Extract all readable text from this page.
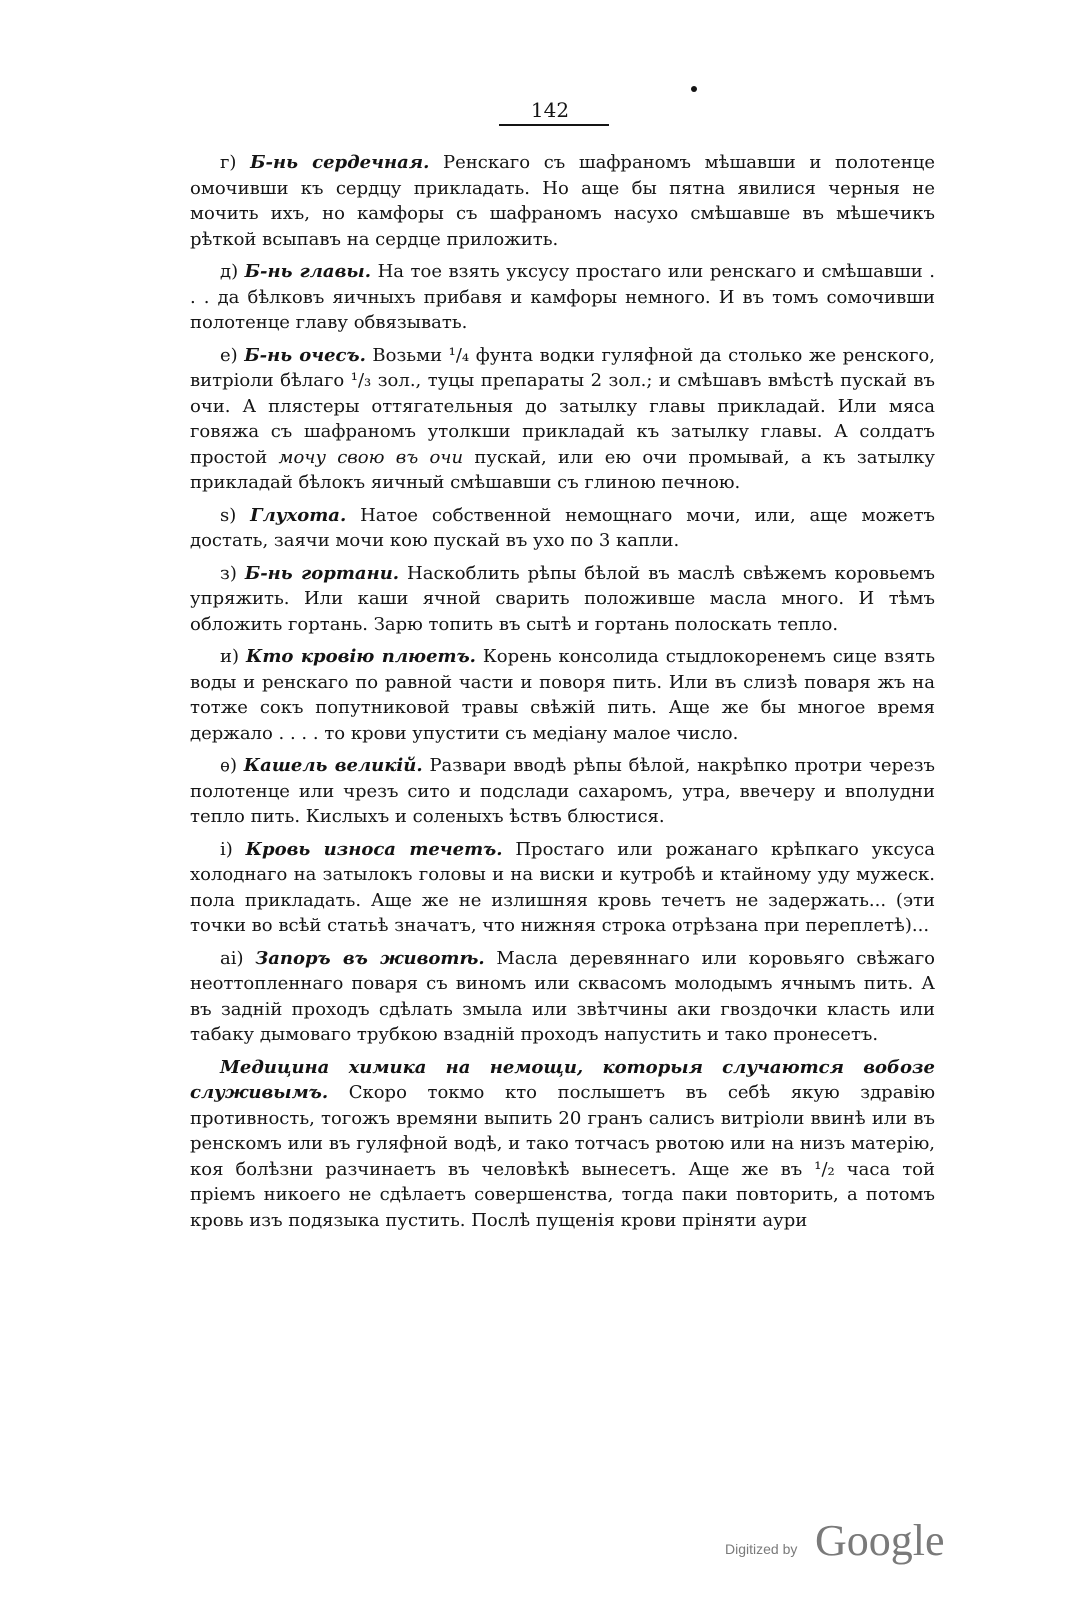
142

г) Б-нь сердечная. Ренскаго съ шафраномъ мѣшавши и полотенце омочивши къ сердцу прикладать. Но аще бы пятна явилися черныя не мочить ихъ, но камфоры съ шафраномъ насухо смѣшавше въ мѣшечикъ рѣткой всыпавъ на сердце приложить.

д) Б-нь главы. На тое взять уксусу простаго или ренскаго и смѣшавши . . . да бѣлковъ яичныхъ прибавя и камфоры немного. И въ томъ сомочивши полотенце главу обвязывать.

е) Б-нь очесъ. Возьми ¹/₄ фунта водки гуляфной да столько же ренского, витріоли бѣлаго ¹/₃ зол., туцы препараты 2 зол.; и смѣшавъ вмѣстѣ пускай въ очи. А плястеры оттягательныя до затылку главы прикладай. Или мяса говяжа съ шафраномъ утолкши прикладай къ затылку главы. А солдатъ простой мочу свою въ очи пускай, или ею очи промывай, а къ затылку прикладай бѣлокъ яичный смѣшавши съ глиною печною.

ѕ) Глухота. Натое собственной немощнаго мочи, или, аще можетъ достать, заячи мочи кою пускай въ ухо по 3 капли.

з) Б-нь гортани. Наскоблить рѣпы бѣлой въ маслѣ свѣжемъ коровьемъ упряжить. Или каши ячной сварить положивше масла много. И тѣмъ обложить гортань. Зарю топить въ сытѣ и гортань полоскать тепло.

и) Кто кровію плюетъ. Корень консолида стыдлокоренемъ сице взять воды и ренскаго по равной части и поворя пить. Или въ слизѣ поваря жъ на тотже сокъ попутниковой травы свѣжій пить. Аще же бы многое время держало . . . . то крови упустити съ медіану малое число.

ѳ) Кашель великій. Развари вводѣ рѣпы бѣлой, накрѣпко протри черезъ полотенце или чрезъ сито и подслади сахаромъ, утра, ввечеру и вполудни тепло пить. Кислыхъ и соленыхъ ѣствъ блюстися.

і) Кровь износа течетъ. Простаго или рожанаго крѣпкаго уксуса холоднаго на затылокъ головы и на виски и кутробѣ и ктайному уду мужеск. пола прикладать. Аще же не излишняя кровь течетъ не задержать... (эти точки во всѣй статьѣ значатъ, что нижняя строка отрѣзана при переплетѣ)...

аі) Запоръ въ животѣ. Масла деревяннаго или коровьяго свѣжаго неоттопленнаго поваря съ виномъ или сквасомъ молодымъ ячнымъ пить. А въ задній проходъ сдѣлать змыла или звѣтчины аки гвоздочки класть или табаку дымоваго трубкою взадній проходъ напустить и тако пронесетъ.

Медицина химика на немощи, которыя случаются вобозе служивымъ. Скоро токмо кто послышетъ въ себѣ якую здравію противность, тогожъ времяни выпить 20 гранъ салисъ витріоли ввинѣ или въ ренскомъ или въ гуляфной водѣ, и тако тотчасъ рвотою или на низъ матерію, коя болѣзни разчинаетъ въ человѣкѣ вынесетъ. Аще же въ ¹/₂ часа той пріемъ никоего не сдѣлаетъ совершенства, тогда паки повторить, а потомъ кровь изъ подязыка пустить. Послѣ пущенія крови пріняти аури

Digitized by Google
